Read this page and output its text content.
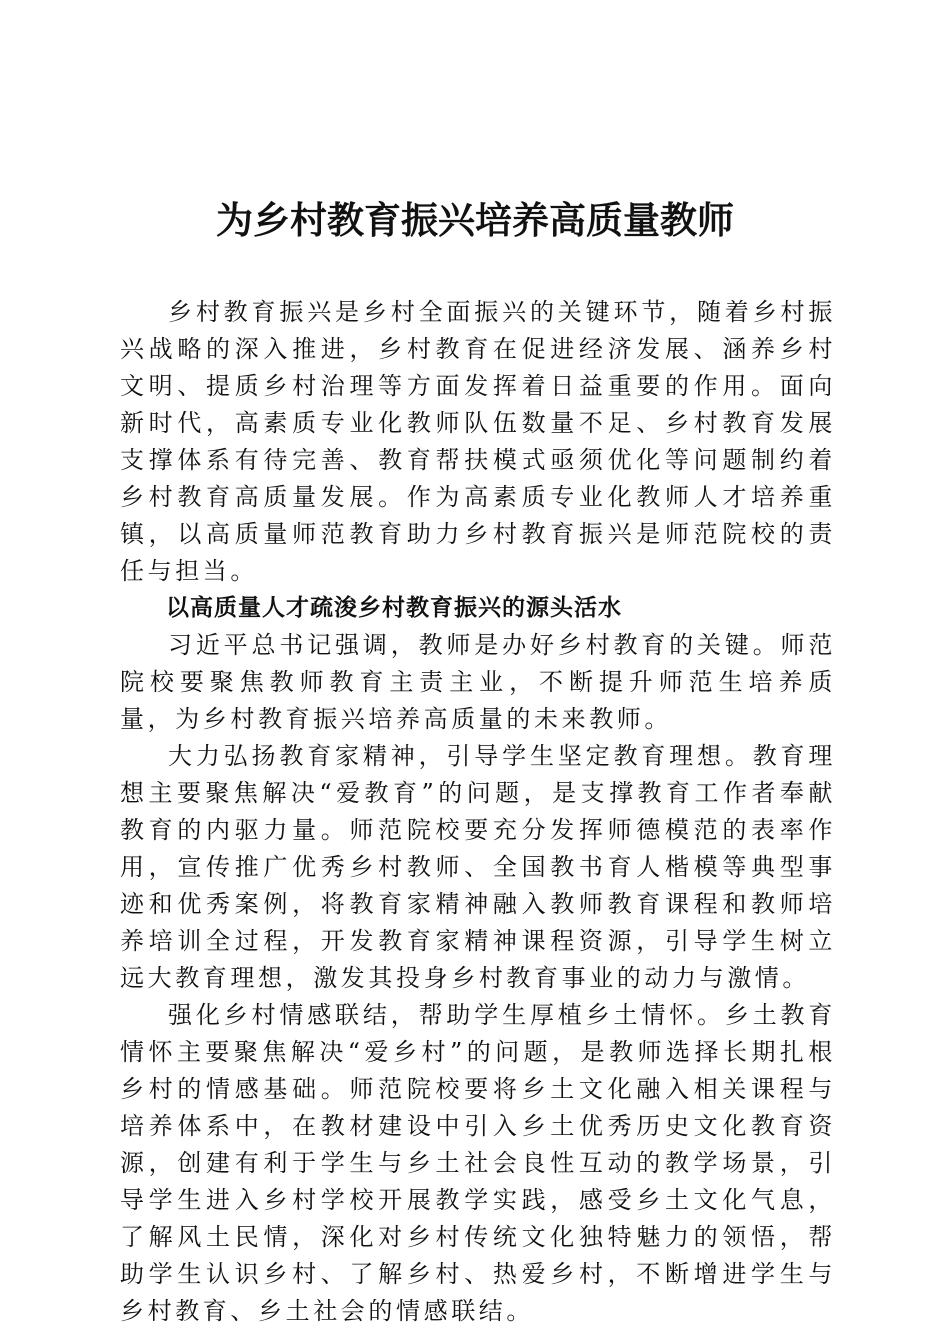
为乡村教育振兴培养高质量教师

乡村教育振兴是乡村全面振兴的关键环节，随着乡村振兴战略的深入推进，乡村教育在促进经济发展、涵养乡村文明、提质乡村治理等方面发挥着日益重要的作用。面向新时代，高素质专业化教师队伍数量不足、乡村教育发展支撑体系有待完善、教育帮扶模式亟须优化等问题制约着乡村教育高质量发展。作为高素质专业化教师人才培养重镇，以高质量师范教育助力乡村教育振兴是师范院校的责任与担当。

以高质量人才疏浚乡村教育振兴的源头活水

习近平总书记强调，教师是办好乡村教育的关键。师范院校要聚焦教师教育主责主业，不断提升师范生培养质量，为乡村教育振兴培养高质量的未来教师。

大力弘扬教育家精神，引导学生坚定教育理想。教育理想主要聚焦解决“爱教育”的问题，是支撑教育工作者奉献教育的内驱力量。师范院校要充分发挥师德模范的表率作用，宣传推广优秀乡村教师、全国教书育人楷模等典型事迹和优秀案例，将教育家精神融入教师教育课程和教师培养培训全过程，开发教育家精神课程资源，引导学生树立远大教育理想，激发其投身乡村教育事业的动力与激情。

强化乡村情感联结，帮助学生厚植乡土情怀。乡土教育情怀主要聚焦解决“爱乡村”的问题，是教师选择长期扎根乡村的情感基础。师范院校要将乡土文化融入相关课程与培养体系中，在教材建设中引入乡土优秀历史文化教育资源，创建有利于学生与乡土社会良性互动的教学场景，引导学生进入乡村学校开展教学实践，感受乡土文化气息，了解风土民情，深化对乡村传统文化独特魅力的领悟，帮助学生认识乡村、了解乡村、热爱乡村，不断增进学生与乡村教育、乡土社会的情感联结。
